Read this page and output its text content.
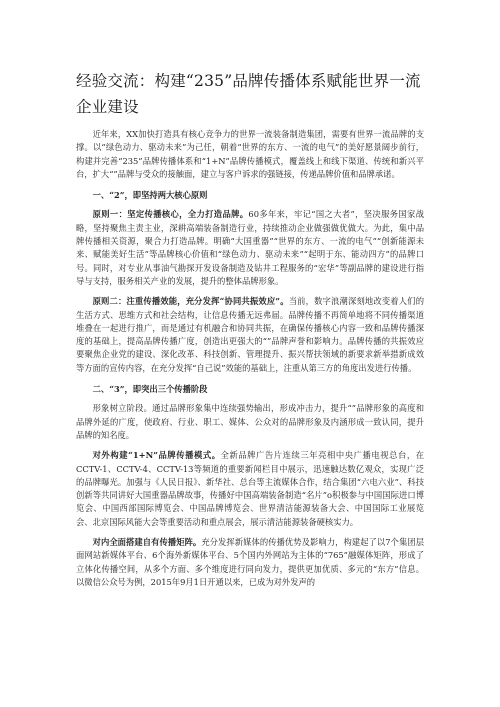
经验交流：构建“235”品牌传播体系赋能世界一流企业建设

近年来，XX加快打造具有核心竞争力的世界一流装备制造集团，需要有世界一流品牌的支撑。以“绿色动力、驱动未来”为己任，朝着“世界的东方、一流的电气”的美好愿景阔步前行，构建并完善“235”品牌传播体系和“1+N”品牌传播模式，覆盖线上和线下渠道、传统和新兴平台，扩大“”品牌与受众的接触面，建立与客户诉求的强链接，传递品牌价值和品牌承诺。

一、“2”，即坚持两大核心原则

原则一：坚定传播核心，全力打造品牌。60多年来，牢记“国之大者”，坚决服务国家战略，坚持聚焦主责主业，深耕高端装备制造行业，持续推动企业做强做优做大。为此，集中品牌传播相关资源，聚合力打造品牌。明确“大国重器”“世界的东方、一流的电气”“创新能源未来、赋能美好生活”等品牌核心价值和“绿色动力、驱动未来”“起明于东、能动四方”的品牌口号。同时，对专业从事油气勘探开发设备制造及钻井工程服务的“宏华”等副品牌的建设进行指导与支持，服务相关产业的发展，提升的整体品牌形象。

原则二：注重传播效能，充分发挥“协同共振效应”。当前，数字浪潮深刻地改变着人们的生活方式、思维方式和社会结构，让信息传播无远弗届。品牌传播不再简单地将不同传播渠道堆叠在一起进行推广，而是通过有机融合和协同共振，在确保传播核心内容一致和品牌传播深度的基础上，提高品牌传播广度，创造出更强大的“”品牌声誉和影响力。品牌传播的共振效应要聚焦企业党的建设、深化改革、科技创新、管理提升、振兴帮扶领域的新要求新举措新成效等方面的宣传内容，在充分发挥“自己说”效能的基础上，注重从第三方的角度出发进行传播。

二、“3”，即突出三个传播阶段

形象树立阶段。通过品牌形象集中连续强势输出，形成冲击力，提升“”品牌形象的高度和品牌外延的广度，使政府、行业、职工、媒体、公众对的品牌形象及内涵形成一致认同，提升品牌的知名度。

对外构建“1+N”品牌传播模式。全新品牌广告片连续三年亮相中央广播电视总台，在CCTV-1、CCTV-4、CCTV-13等频道的重要新闻栏目中展示，迅速触达数亿观众，实现广泛的品牌曝光。加强与《人民日报》、新华社、总台等主流媒体合作，结合集团“六电六业”、科技创新等共同讲好大国重器品牌故事，传播好中国高端装备制造“名片”o积极参与中国国际进口博览会、中国西部国际博览会、中国品牌博览会、世界清洁能源装备大会、中国国际工业展览会、北京国际风能大会等重要活动和重点展会，展示清洁能源装备硬核实力。

对内全面搭建自有传播矩阵。充分发挥新媒体的传播优势及影响力，构建起了以7个集团层面网站新媒体平台、6个海外新媒体平台、5个国内外网站为主体的“765”融媒体矩阵，形成了立体化传播空间，从多个方面、多个维度进行同向发力，提供更加优质、多元的“东方”信息。以微信公众号为例，2015年9月1日开通以来，已成为对外发声的
